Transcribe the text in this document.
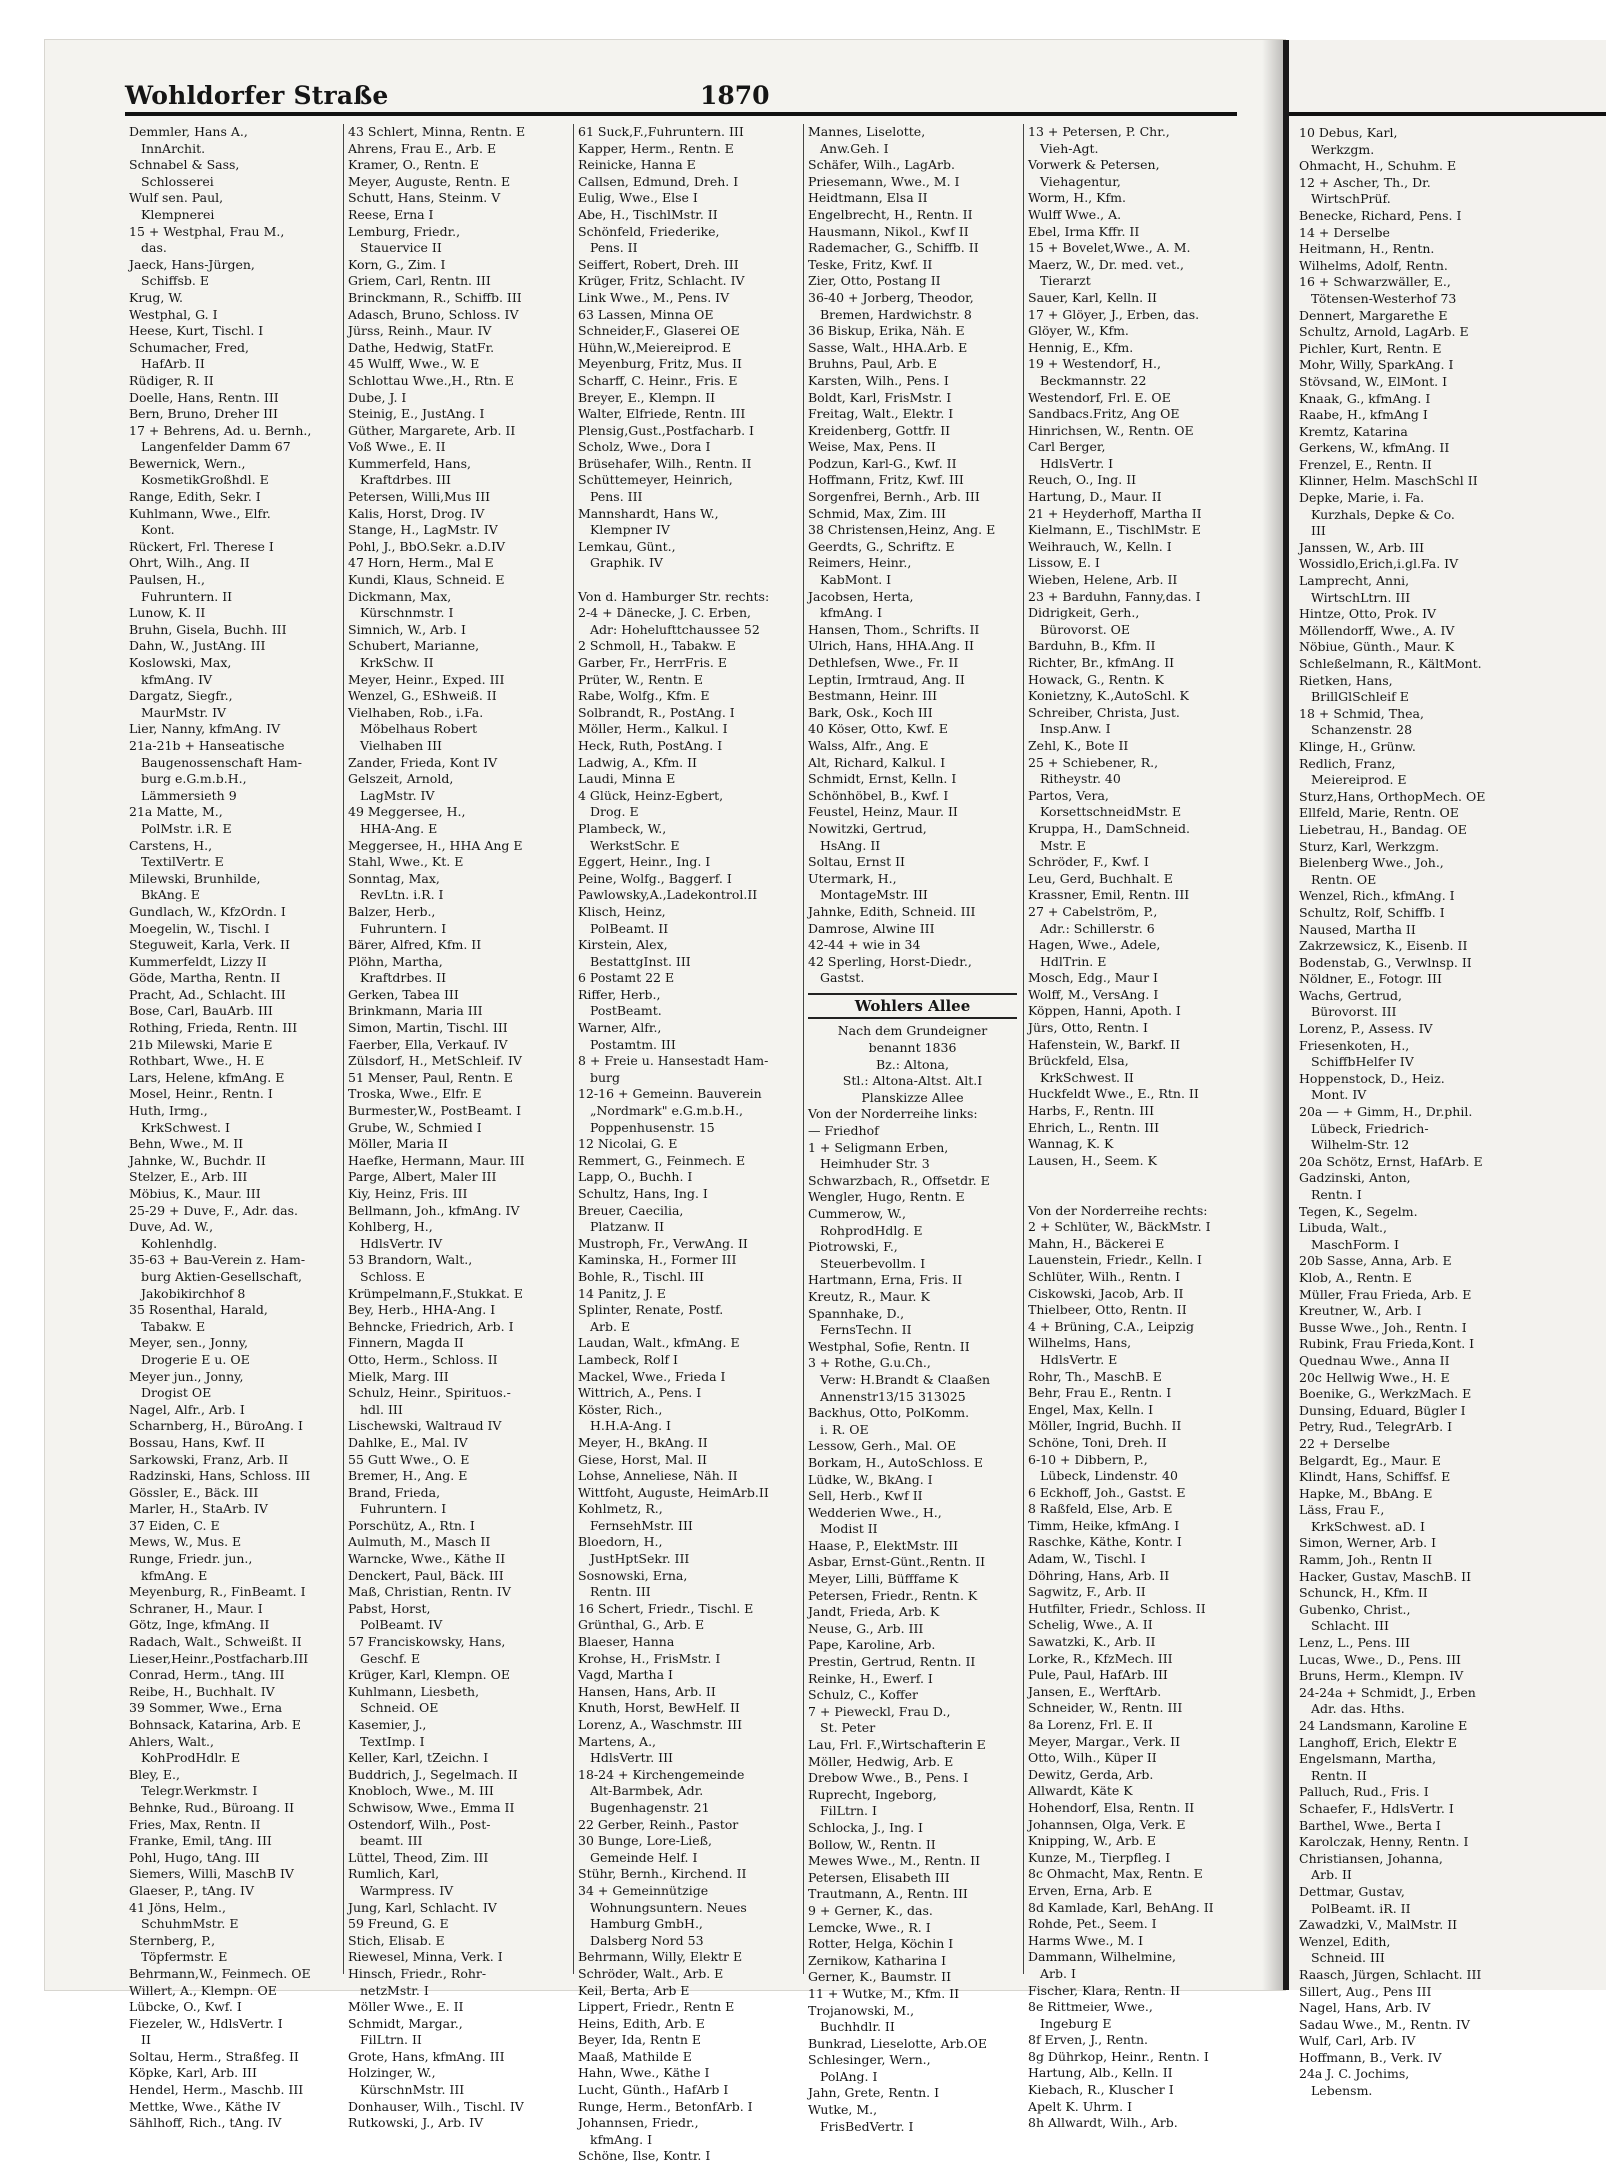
10 Debus, Karl,
Werkzgm.
Ohmacht, H., Schuhm. E
12 + Ascher, Th., Dr.
WirtschPrüf.
Benecke, Richard, Pens. I
14 + Derselbe
Heitmann, H., Rentn.
Wilhelms, Adolf, Rentn.
16 + Schwarzwäller, E.,
Tötensen-Westerhof 73
Dennert, Margarethe E
Schultz, Arnold, LagArb. E
Pichler, Kurt, Rentn. E
Mohr, Willy, SparkAng. I
Stövsand, W., ElMont. I
Knaak, G., kfmAng. I
Raabe, H., kfmAng I
Kremtz, Katarina
Gerkens, W., kfmAng. II
Frenzel, E., Rentn. II
Klinner, Helm. MaschSchl II
Depke, Marie, i. Fa.
Kurzhals, Depke & Co.
III
Janssen, W., Arb. III
Wossidlo,Erich,i.gl.Fa. IV
Lamprecht, Anni,
WirtschLtrn. III
Hintze, Otto, Prok. IV
Möllendorff, Wwe., A. IV
Nöbiue, Günth., Maur. K
Schleßelmann, R., KältMont.
Rietken, Hans,
BrillGlSchleif E
18 + Schmid, Thea,
Schanzenstr. 28
Klinge, H., Grünw.
Redlich, Franz,
Meiereiprod. E
Sturz,Hans, OrthopMech. OE
Ellfeld, Marie, Rentn. OE
Liebetrau, H., Bandag. OE
Sturz, Karl, Werkzgm.
Bielenberg Wwe., Joh.,
Rentn. OE
Wenzel, Rich., kfmAng. I
Schultz, Rolf, Schiffb. I
Naused, Martha II
Zakrzewsicz, K., Eisenb. II
Bodenstab, G., Verwlnsp. II
Nöldner, E., Fotogr. III
Wachs, Gertrud,
Bürovorst. III
Lorenz, P., Assess. IV
Friesenkoten, H.,
SchiffbHelfer IV
Hoppenstock, D., Heiz.
Mont. IV
20a — + Gimm, H., Dr.phil.
Lübeck, Friedrich-
Wilhelm-Str. 12
20a Schötz, Ernst, HafArb. E
Gadzinski, Anton,
Rentn. I
Tegen, K., Segelm.
Libuda, Walt.,
MaschForm. I
20b Sasse, Anna, Arb. E
Klob, A., Rentn. E
Müller, Frau Frieda, Arb. E
Kreutner, W., Arb. I
Busse Wwe., Joh., Rentn. I
Rubink, Frau Frieda,Kont. I
Quednau Wwe., Anna II
20c Hellwig Wwe., H. E
Boenike, G., WerkzMach. E
Dunsing, Eduard, Bügler I
Petry, Rud., TelegrArb. I
22 + Derselbe
Belgardt, Eg., Maur. E
Klindt, Hans, Schiffsf. E
Hapke, M., BbAng. E
Läss, Frau F.,
KrkSchwest. aD. I
Simon, Werner, Arb. I
Ramm, Joh., Rentn II
Hacker, Gustav, MaschB. II
Schunck, H., Kfm. II
Gubenko, Christ.,
Schlacht. III
Lenz, L., Pens. III
Lucas, Wwe., D., Pens. III
Bruns, Herm., Klempn. IV
24-24a + Schmidt, J., Erben
Adr. das. Hths.
24 Landsmann, Karoline E
Langhoff, Erich, Elektr E
Engelsmann, Martha,
Rentn. II
Palluch, Rud., Fris. I
Schaefer, F., HdlsVertr. I
Barthel, Wwe., Berta I
Karolczak, Henny, Rentn. I
Christiansen, Johanna,
Arb. II
Dettmar, Gustav,
PolBeamt. iR. II
Zawadzki, V., MalMstr. II
Wenzel, Edith,
Schneid. III
Raasch, Jürgen, Schlacht. III
Sillert, Aug., Pens III
Nagel, Hans, Arb. IV
Sadau Wwe., M., Rentn. IV
Wulf, Carl, Arb. IV
Hoffmann, B., Verk. IV
24a J. C. Jochims,
Lebensm.
Wohldorfer Straße	1870
Demmler, Hans A.,
InnArchit.
Schnabel & Sass,
Schlosserei
Wulf sen. Paul,
Klempnerei
15 + Westphal, Frau M.,
das.
Jaeck, Hans-Jürgen,
Schiffsb. E
Krug, W.
Westphal, G. I
Heese, Kurt, Tischl. I
Schumacher, Fred,
HafArb. II
Rüdiger, R. II
Doelle, Hans, Rentn. III
Bern, Bruno, Dreher III
17 + Behrens, Ad. u. Bernh.,
Langenfelder Damm 67
Bewernick, Wern.,
KosmetikGroßhdl. E
Range, Edith, Sekr. I
Kuhlmann, Wwe., Elfr.
Kont.
Rückert, Frl. Therese I
Ohrt, Wilh., Ang. II
Paulsen, H.,
Fuhruntern. II
Lunow, K. II
Bruhn, Gisela, Buchh. III
Dahn, W., JustAng. III
Koslowski, Max,
kfmAng. IV
Dargatz, Siegfr.,
MaurMstr. IV
Lier, Nanny, kfmAng. IV
21a-21b + Hanseatische
Baugenossenschaft Ham-
burg e.G.m.b.H.,
Lämmersieth 9
21a Matte, M.,
PolMstr. i.R. E
Carstens, H.,
TextilVertr. E
Milewski, Brunhilde,
BkAng. E
Gundlach, W., KfzOrdn. I
Moegelin, W., Tischl. I
Steguweit, Karla, Verk. II
Kummerfeldt, Lizzy II
Göde, Martha, Rentn. II
Pracht, Ad., Schlacht. III
Bose, Carl, BauArb. III
Rothing, Frieda, Rentn. III
21b Milewski, Marie E
Rothbart, Wwe., H. E
Lars, Helene, kfmAng. E
Mosel, Heinr., Rentn. I
Huth, Irmg.,
KrkSchwest. I
Behn, Wwe., M. II
Jahnke, W., Buchdr. II
Stelzer, E., Arb. III
Möbius, K., Maur. III
25-29 + Duve, F., Adr. das.
Duve, Ad. W.,
Kohlenhdlg.
35-63 + Bau-Verein z. Ham-
burg Aktien-Gesellschaft,
Jakobikirchhof 8
35 Rosenthal, Harald,
Tabakw. E
Meyer, sen., Jonny,
Drogerie E u. OE
Meyer jun., Jonny,
Drogist OE
Nagel, Alfr., Arb. I
Scharnberg, H., BüroAng. I
Bossau, Hans, Kwf. II
Sarkowski, Franz, Arb. II
Radzinski, Hans, Schloss. III
Gössler, E., Bäck. III
Marler, H., StaArb. IV
37 Eiden, C. E
Mews, W., Mus. E
Runge, Friedr. jun.,
kfmAng. E
Meyenburg, R., FinBeamt. I
Schraner, H., Maur. I
Götz, Inge, kfmAng. II
Radach, Walt., Schweißt. II
Lieser,Heinr.,Postfacharb.III
Conrad, Herm., tAng. III
Reibe, H., Buchhalt. IV
39 Sommer, Wwe., Erna
Bohnsack, Katarina, Arb. E
Ahlers, Walt.,
KohProdHdlr. E
Bley, E.,
Telegr.Werkmstr. I
Behnke, Rud., Büroang. II
Fries, Max, Rentn. II
Franke, Emil, tAng. III
Pohl, Hugo, tAng. III
Siemers, Willi, MaschB IV
Glaeser, P., tAng. IV
41 Jöns, Helm.,
SchuhmMstr. E
Sternberg, P.,
Töpfermstr. E
Behrmann,W., Feinmech. OE
Willert, A., Klempn. OE
Lübcke, O., Kwf. I
Fiezeler, W., HdlsVertr. I
II
Soltau, Herm., Straßfeg. II
Köpke, Karl, Arb. III
Hendel, Herm., Maschb. III
Mettke, Wwe., Käthe IV
Sählhoff, Rich., tAng. IV
43 Schlert, Minna, Rentn. E
Ahrens, Frau E., Arb. E
Kramer, O., Rentn. E
Meyer, Auguste, Rentn. E
Schutt, Hans, Steinm. V
Reese, Erna I
Lemburg, Friedr.,
Stauervice II
Korn, G., Zim. I
Griem, Carl, Rentn. III
Brinckmann, R., Schiffb. III
Adasch, Bruno, Schloss. IV
Jürss, Reinh., Maur. IV
Dathe, Hedwig, StatFr.
45 Wulff, Wwe., W. E
Schlottau Wwe.,H., Rtn. E
Dube, J. I
Steinig, E., JustAng. I
Güther, Margarete, Arb. II
Voß Wwe., E. II
Kummerfeld, Hans,
Kraftdrbes. III
Petersen, Willi,Mus III
Kalis, Horst, Drog. IV
Stange, H., LagMstr. IV
Pohl, J., BbO.Sekr. a.D.IV
47 Horn, Herm., Mal E
Kundi, Klaus, Schneid. E
Dickmann, Max,
Kürschnmstr. I
Simnich, W., Arb. I
Schubert, Marianne,
KrkSchw. II
Meyer, Heinr., Exped. III
Wenzel, G., EShweiß. II
Vielhaben, Rob., i.Fa.
Möbelhaus Robert
Vielhaben III
Zander, Frieda, Kont IV
Gelszeit, Arnold,
LagMstr. IV
49 Meggersee, H.,
HHA-Ang. E
Meggersee, H., HHA Ang E
Stahl, Wwe., Kt. E
Sonntag, Max,
RevLtn. i.R. I
Balzer, Herb.,
Fuhruntern. I
Bärer, Alfred, Kfm. II
Plöhn, Martha,
Kraftdrbes. II
Gerken, Tabea III
Brinkmann, Maria III
Simon, Martin, Tischl. III
Faerber, Ella, Verkauf. IV
Zülsdorf, H., MetSchleif. IV
51 Menser, Paul, Rentn. E
Troska, Wwe., Elfr. E
Burmester,W., PostBeamt. I
Grube, W., Schmied I
Möller, Maria II
Haefke, Hermann, Maur. III
Parge, Albert, Maler III
Kiy, Heinz, Fris. III
Bellmann, Joh., kfmAng. IV
Kohlberg, H.,
HdlsVertr. IV
53 Brandorn, Walt.,
Schloss. E
Krümpelmann,F.,Stukkat. E
Bey, Herb., HHA-Ang. I
Behncke, Friedrich, Arb. I
Finnern, Magda II
Otto, Herm., Schloss. II
Mielk, Marg. III
Schulz, Heinr., Spirituos.-
hdl. III
Lischewski, Waltraud IV
Dahlke, E., Mal. IV
55 Gutt Wwe., O. E
Bremer, H., Ang. E
Brand, Frieda,
Fuhruntern. I
Porschütz, A., Rtn. I
Aulmuth, M., Masch II
Warncke, Wwe., Käthe II
Denckert, Paul, Bäck. III
Maß, Christian, Rentn. IV
Pabst, Horst,
PolBeamt. IV
57 Franciskowsky, Hans,
Geschf. E
Krüger, Karl, Klempn. OE
Kuhlmann, Liesbeth,
Schneid. OE
Kasemier, J.,
TextImp. I
Keller, Karl, tZeichn. I
Buddrich, J., Segelmach. II
Knobloch, Wwe., M. III
Schwisow, Wwe., Emma II
Ostendorf, Wilh., Post-
beamt. III
Lüttel, Theod, Zim. III
Rumlich, Karl,
Warmpress. IV
Jung, Karl, Schlacht. IV
59 Freund, G. E
Stich, Elisab. E
Riewesel, Minna, Verk. I
Hinsch, Friedr., Rohr-
netzMstr. I
Möller Wwe., E. II
Schmidt, Margar.,
FilLtrn. II
Grote, Hans, kfmAng. III
Holzinger, W.,
KürschnMstr. III
Donhauser, Wilh., Tischl. IV
Rutkowski, J., Arb. IV
61 Suck,F.,Fuhruntern. III
Kapper, Herm., Rentn. E
Reinicke, Hanna E
Callsen, Edmund, Dreh. I
Eulig, Wwe., Else I
Abe, H., TischlMstr. II
Schönfeld, Friederike,
Pens. II
Seiffert, Robert, Dreh. III
Krüger, Fritz, Schlacht. IV
Link Wwe., M., Pens. IV
63 Lassen, Minna OE
Schneider,F., Glaserei OE
Hühn,W.,Meiereiprod. E
Meyenburg, Fritz, Mus. II
Scharff, C. Heinr., Fris. E
Breyer, E., Klempn. II
Walter, Elfriede, Rentn. III
Plensig,Gust.,Postfacharb. I
Scholz, Wwe., Dora I
Brüsehafer, Wilh., Rentn. II
Schüttemeyer, Heinrich,
Pens. III
Mannshardt, Hans W.,
Klempner IV
Lemkau, Günt.,
Graphik. IV

Von d. Hamburger Str. rechts:
2-4 + Dänecke, J. C. Erben,
Adr: Hohelufttchaussee 52
2 Schmoll, H., Tabakw. E
Garber, Fr., HerrFris. E
Prüter, W., Rentn. E
Rabe, Wolfg., Kfm. E
Solbrandt, R., PostAng. I
Möller, Herm., Kalkul. I
Heck, Ruth, PostAng. I
Ladwig, A., Kfm. II
Laudi, Minna E
4 Glück, Heinz-Egbert,
Drog. E
Plambeck, W.,
WerkstSchr. E
Eggert, Heinr., Ing. I
Peine, Wolfg., Baggerf. I
Pawlowsky,A.,Ladekontrol.II
Klisch, Heinz,
PolBeamt. II
Kirstein, Alex,
BestattgInst. III
6 Postamt 22 E
Riffer, Herb.,
PostBeamt.
Warner, Alfr.,
Postamtm. III
8 + Freie u. Hansestadt Ham-
burg
12-16 + Gemeinn. Bauverein
„Nordmark" e.G.m.b.H.,
Poppenhusenstr. 15
12 Nicolai, G. E
Remmert, G., Feinmech. E
Lapp, O., Buchh. I
Schultz, Hans, Ing. I
Breuer, Caecilia,
Platzanw. II
Mustroph, Fr., VerwAng. II
Kaminska, H., Former III
Bohle, R., Tischl. III
14 Panitz, J. E
Splinter, Renate, Postf.
Arb. E
Laudan, Walt., kfmAng. E
Lambeck, Rolf I
Mackel, Wwe., Frieda I
Wittrich, A., Pens. I
Köster, Rich.,
H.H.A-Ang. I
Meyer, H., BkAng. II
Giese, Horst, Mal. II
Lohse, Anneliese, Näh. II
Wittfoht, Auguste, HeimArb.II
Kohlmetz, R.,
FernsehMstr. III
Bloedorn, H.,
JustHptSekr. III
Sosnowski, Erna,
Rentn. III
16 Schert, Friedr., Tischl. E
Grünthal, G., Arb. E
Blaeser, Hanna
Krohse, H., FrisMstr. I
Vagd, Martha I
Hansen, Hans, Arb. II
Knuth, Horst, BewHelf. II
Lorenz, A., Waschmstr. III
Martens, A.,
HdlsVertr. III
18-24 + Kirchengemeinde
Alt-Barmbek, Adr.
Bugenhagenstr. 21
22 Gerber, Reinh., Pastor
30 Bunge, Lore-Ließ,
Gemeinde Helf. I
Stühr, Bernh., Kirchend. II
34 + Gemeinnützige
Wohnungsuntern. Neues
Hamburg GmbH.,
Dalsberg Nord 53
Behrmann, Willy, Elektr E
Schröder, Walt., Arb. E
Keil, Berta, Arb E
Lippert, Friedr., Rentn E
Heins, Edith, Arb. E
Beyer, Ida, Rentn E
Maaß, Mathilde E
Hahn, Wwe., Käthe I
Lucht, Günth., HafArb I
Runge, Herm., BetonfArb. I
Johannsen, Friedr.,
kfmAng. I
Schöne, Ilse, Kontr. I
Mannes, Liselotte,
Anw.Geh. I
Schäfer, Wilh., LagArb.
Priesemann, Wwe., M. I
Heidtmann, Elsa II
Engelbrecht, H., Rentn. II
Hausmann, Nikol., Kwf II
Rademacher, G., Schiffb. II
Teske, Fritz, Kwf. II
Zier, Otto, Postang II
36-40 + Jorberg, Theodor,
Bremen, Hardwichstr. 8
36 Biskup, Erika, Näh. E
Sasse, Walt., HHA.Arb. E
Bruhns, Paul, Arb. E
Karsten, Wilh., Pens. I
Boldt, Karl, FrisMstr. I
Freitag, Walt., Elektr. I
Kreidenberg, Gottfr. II
Weise, Max, Pens. II
Podzun, Karl-G., Kwf. II
Hoffmann, Fritz, Kwf. III
Sorgenfrei, Bernh., Arb. III
Schmid, Max, Zim. III
38 Christensen,Heinz, Ang. E
Geerdts, G., Schriftz. E
Reimers, Heinr.,
KabMont. I
Jacobsen, Herta,
kfmAng. I
Hansen, Thom., Schrifts. II
Ulrich, Hans, HHA.Ang. II
Dethlefsen, Wwe., Fr. II
Leptin, Irmtraud, Ang. II
Bestmann, Heinr. III
Bark, Osk., Koch III
40 Köser, Otto, Kwf. E
Walss, Alfr., Ang. E
Alt, Richard, Kalkul. I
Schmidt, Ernst, Kelln. I
Schönhöbel, B., Kwf. I
Feustel, Heinz, Maur. II
Nowitzki, Gertrud,
HsAng. II
Soltau, Ernst II
Utermark, H.,
MontageMstr. III
Jahnke, Edith, Schneid. III
Damrose, Alwine III
42-44 + wie in 34
42 Sperling, Horst-Diedr.,
Gastst.
Wohlers Allee
Nach dem Grundeigner
benannt 1836
Bz.: Altona,
Stl.: Altona-Altst. Alt.I
Planskizze Allee
Von der Norderreihe links:
— Friedhof
1 + Seligmann Erben,
Heimhuder Str. 3
Schwarzbach, R., Offsetdr. E
Wengler, Hugo, Rentn. E
Cummerow, W.,
RohprodHdlg. E
Piotrowski, F.,
Steuerbevollm. I
Hartmann, Erna, Fris. II
Kreutz, R., Maur. K
Spannhake, D.,
FernsTechn. II
Westphal, Sofie, Rentn. II
3 + Rothe, G.u.Ch.,
Verw: H.Brandt & Claaßen
Annenstr13/15 313025
Backhus, Otto, PolKomm.
i. R. OE
Lessow, Gerh., Mal. OE
Borkam, H., AutoSchloss. E
Lüdke, W., BkAng. I
Sell, Herb., Kwf II
Wedderien Wwe., H.,
Modist II
Haase, P., ElektMstr. III
Asbar, Ernst-Günt.,Rentn. II
Meyer, Lilli, Büfffame K
Petersen, Friedr., Rentn. K
Jandt, Frieda, Arb. K
Neuse, G., Arb. III
Pape, Karoline, Arb.
Prestin, Gertrud, Rentn. II
Reinke, H., Ewerf. I
Schulz, C., Koffer
7 + Pieweckl, Frau D.,
St. Peter
Lau, Frl. F.,Wirtschafterin E
Möller, Hedwig, Arb. E
Drebow Wwe., B., Pens. I
Ruprecht, Ingeborg,
FilLtrn. I
Schlocka, J., Ing. I
Bollow, W., Rentn. II
Mewes Wwe., M., Rentn. II
Petersen, Elisabeth III
Trautmann, A., Rentn. III
9 + Gerner, K., das.
Lemcke, Wwe., R. I
Rotter, Helga, Köchin I
Zernikow, Katharina I
Gerner, K., Baumstr. II
11 + Wutke, M., Kfm. II
Trojanowski, M.,
Buchhdlr. II
Bunkrad, Lieselotte, Arb.OE
Schlesinger, Wern.,
PolAng. I
Jahn, Grete, Rentn. I
Wutke, M.,
FrisBedVertr. I
13 + Petersen, P. Chr.,
Vieh-Agt.
Vorwerk & Petersen,
Viehagentur,
Worm, H., Kfm.
Wulff Wwe., A.
Ebel, Irma Kffr. II
15 + Bovelet,Wwe., A. M.
Maerz, W., Dr. med. vet.,
Tierarzt
Sauer, Karl, Kelln. II
17 + Glöyer, J., Erben, das.
Glöyer, W., Kfm.
Hennig, E., Kfm.
19 + Westendorf, H.,
Beckmannstr. 22
Westendorf, Frl. E. OE
Sandbacs.Fritz, Ang OE
Hinrichsen, W., Rentn. OE
Carl Berger,
HdlsVertr. I
Reuch, O., Ing. II
Hartung, D., Maur. II
21 + Heyderhoff, Martha II
Kielmann, E., TischlMstr. E
Weihrauch, W., Kelln. I
Lissow, E. I
Wieben, Helene, Arb. II
23 + Barduhn, Fanny,das. I
Didrigkeit, Gerh.,
Bürovorst. OE
Barduhn, B., Kfm. II
Richter, Br., kfmAng. II
Howack, G., Rentn. K
Konietzny, K.,AutoSchl. K
Schreiber, Christa, Just.
Insp.Anw. I
Zehl, K., Bote II
25 + Schiebener, R.,
Ritheystr. 40
Partos, Vera,
KorsettschneidMstr. E
Kruppa, H., DamSchneid.
Mstr. E
Schröder, F., Kwf. I
Leu, Gerd, Buchhalt. E
Krassner, Emil, Rentn. III
27 + Cabelström, P.,
Adr.: Schillerstr. 6
Hagen, Wwe., Adele,
HdlTrin. E
Mosch, Edg., Maur I
Wolff, M., VersAng. I
Köppen, Hanni, Apoth. I
Jürs, Otto, Rentn. I
Hafenstein, W., Barkf. II
Brückfeld, Elsa,
KrkSchwest. II
Huckfeldt Wwe., E., Rtn. II
Harbs, F., Rentn. III
Ehrich, L., Rentn. III
Wannag, K. K
Lausen, H., Seem. K

Von der Norderreihe rechts:
2 + Schlüter, W., BäckMstr. I
Mahn, H., Bäckerei E
Lauenstein, Friedr., Kelln. I
Schlüter, Wilh., Rentn. I
Ciskowski, Jacob, Arb. II
Thielbeer, Otto, Rentn. II
4 + Brüning, C.A., Leipzig
Wilhelms, Hans,
HdlsVertr. E
Rohr, Th., MaschB. E
Behr, Frau E., Rentn. I
Engel, Max, Kelln. I
Möller, Ingrid, Buchh. II
Schöne, Toni, Dreh. II
6-10 + Dibbern, P.,
Lübeck, Lindenstr. 40
6 Eckhoff, Joh., Gastst. E
8 Raßfeld, Else, Arb. E
Timm, Heike, kfmAng. I
Raschke, Käthe, Kontr. I
Adam, W., Tischl. I
Döhring, Hans, Arb. II
Sagwitz, F., Arb. II
Hutfilter, Friedr., Schloss. II
Schelig, Wwe., A. II
Sawatzki, K., Arb. II
Lorke, R., KfzMech. III
Pule, Paul, HafArb. III
Jansen, E., WerftArb.
Schneider, W., Rentn. III
8a Lorenz, Frl. E. II
Meyer, Margar., Verk. II
Otto, Wilh., Küper II
Dewitz, Gerda, Arb.
Allwardt, Käte K
Hohendorf, Elsa, Rentn. II
Johannsen, Olga, Verk. E
Knipping, W., Arb. E
Kunze, M., Tierpfleg. I
8c Ohmacht, Max, Rentn. E
Erven, Erna, Arb. E
8d Kamlade, Karl, BehAng. II
Rohde, Pet., Seem. I
Harms Wwe., M. I
Dammann, Wilhelmine,
Arb. I
Fischer, Klara, Rentn. II
8e Rittmeier, Wwe.,
Ingeburg E
8f Erven, J., Rentn.
8g Dührkop, Heinr., Rentn. I
Hartung, Alb., Kelln. II
Kiebach, R., Kluscher I
Apelt K. Uhrm. I
8h Allwardt, Wilh., Arb.
